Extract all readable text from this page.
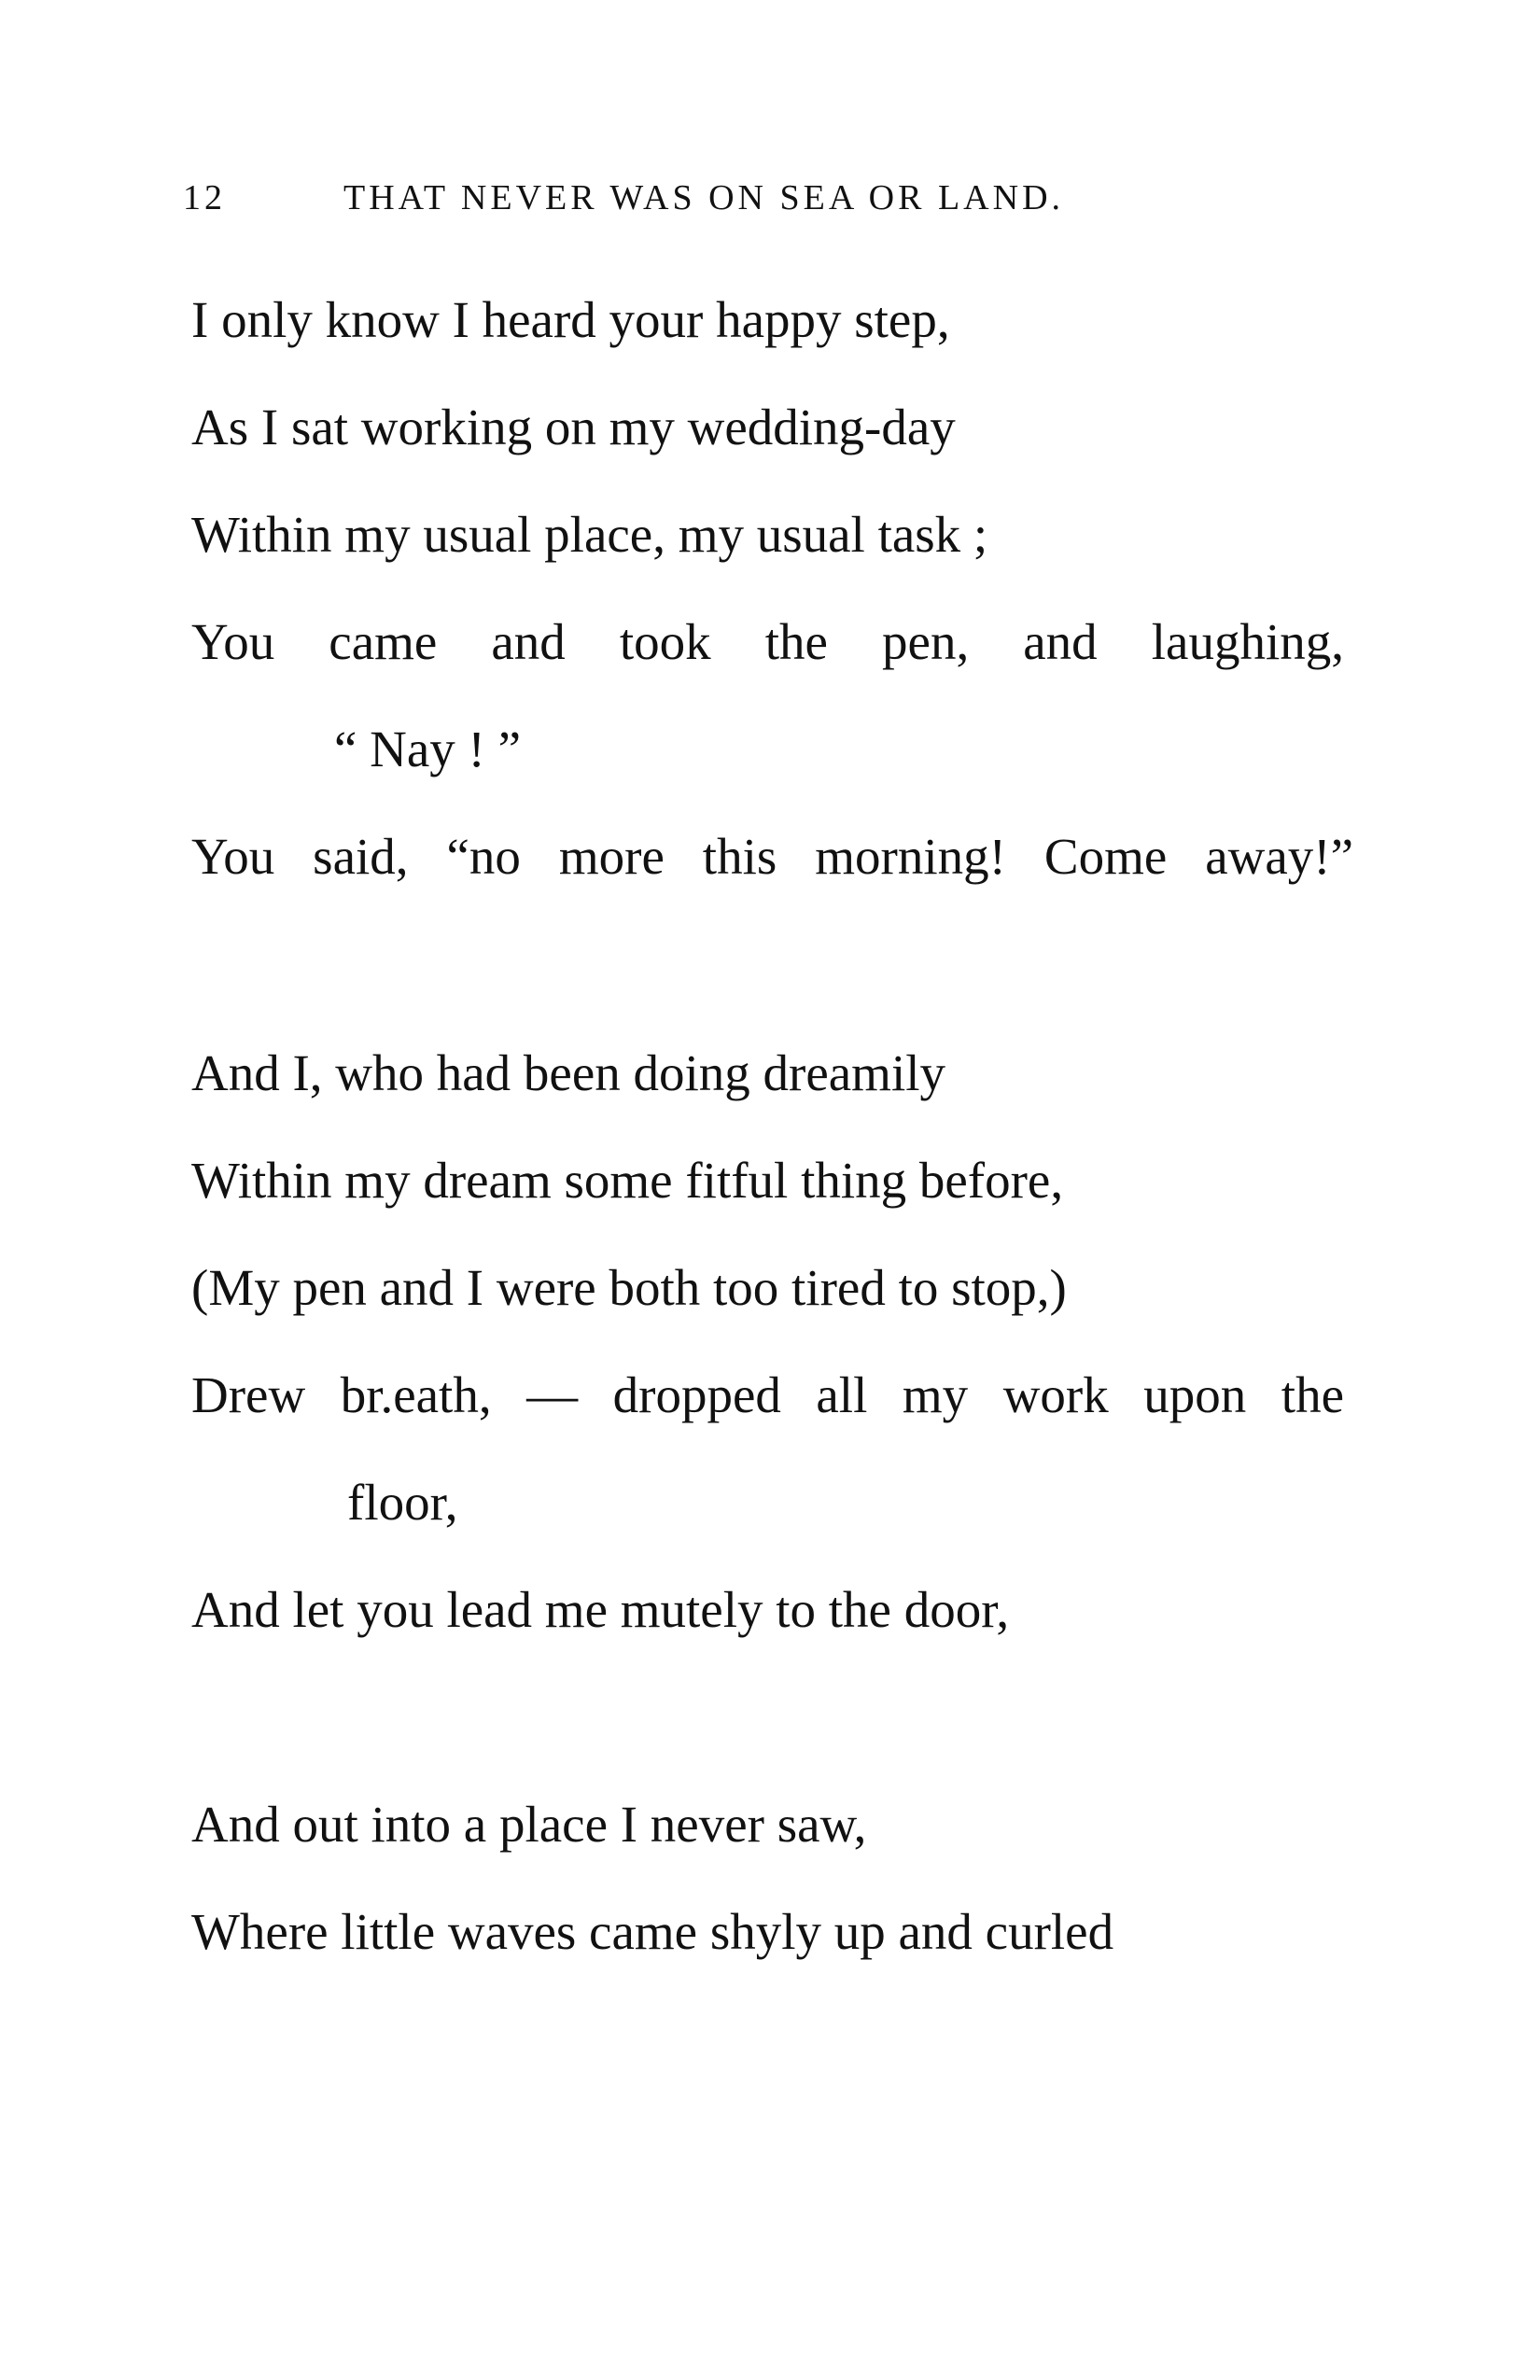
12	THAT NEVER WAS ON SEA OR LAND.
I only know I heard your happy step,
As I sat working on my wedding-day
Within my usual place, my usual task ;
You came and took the pen, and laughing,
“ Nay ! ”
You said, “no more this morning! Come away!”
And I, who had been doing dreamily
Within my dream some fitful thing before,
(My pen and I were both too tired to stop,)
Drew br.eath, — dropped all my work upon the
floor,
And let you lead me mutely to the door,
And out into a place I never saw,
Where little waves came shyly up and curled
